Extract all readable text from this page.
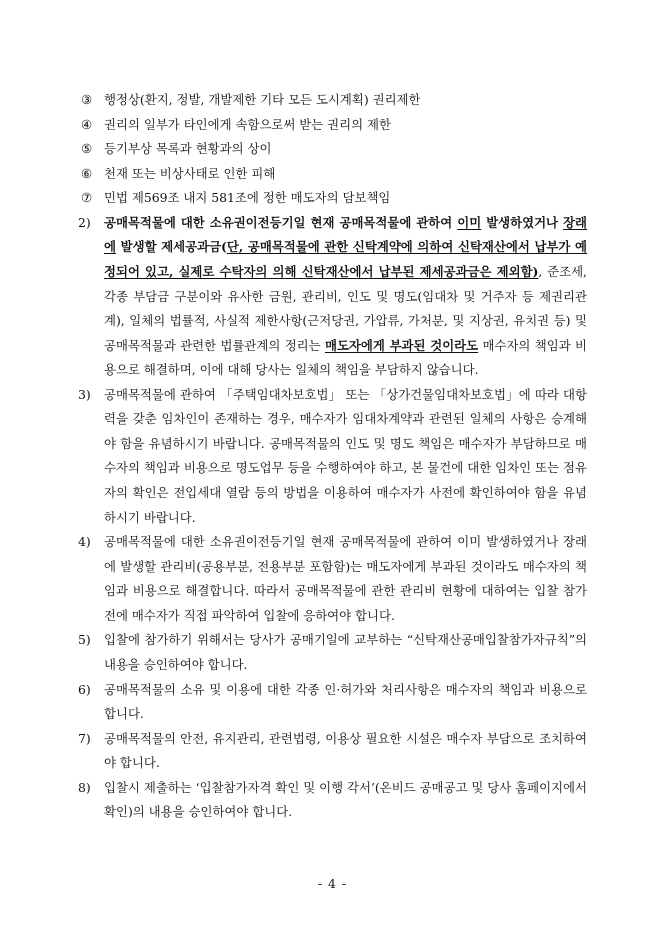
③ 행정상(환지, 정발, 개발제한 기타 모든 도시계획) 권리제한
④ 권리의 일부가 타인에게 속함으로써 받는 권리의 제한
⑤ 등기부상 목록과 현황과의 상이
⑥ 천재 또는 비상사태로 인한 피해
⑦ 민법 제569조 내지 581조에 정한 매도자의 담보책임
2)	공매목적물에 대한 소유권이전등기일 현재 공매목적물에 관하여 이미 발생하였거나 장래에 발생할 제세공과금(단, 공매목적물에 관한 신탁계약에 의하여 신탁재산에서 납부가 예정되어 있고, 실제로 수탁자의 의해 신탁재산에서 납부된 제세공과금은 제외함), 준조세, 각종 부담금 구분이와 유사한 금원, 관리비, 인도 및 명도(임대차 및 거주자 등 제권리관계), 일체의 법률적, 사실적 제한사항(근저당권, 가압류, 가처분, 및 지상권, 유치권 등) 및 공매목적물과 관련한 법률관계의 정리는 매도자에게 부과된 것이라도 매수자의 책임과 비용으로 해결하며, 이에 대해 당사는 일체의 책임을 부담하지 않습니다.
3)	공매목적물에 관하여 「주택임대차보호법」 또는 「상가건물임대차보호법」에 따라 대항력을 갖춘 임차인이 존재하는 경우, 매수자가 임대차계약과 관련된 일체의 사항은 승계해야 함을 유념하시기 바랍니다. 공매목적물의 인도 및 명도 책임은 매수자가 부담하므로 매수자의 책임과 비용으로 명도업무 등을 수행하여야 하고, 본 물건에 대한 임차인 또는 점유자의 확인은 전입세대 열람 등의 방법을 이용하여 매수자가 사전에 확인하여야 함을 유념하시기 바랍니다.
4)	공매목적물에 대한 소유권이전등기일 현재 공매목적물에 관하여 이미 발생하였거나 장래에 발생할 관리비(공용부분, 전용부분 포함함)는 매도자에게 부과된 것이라도 매수자의 책임과 비용으로 해결합니다. 따라서 공매목적물에 관한 관리비 현황에 대하여는 입찰 참가 전에 매수자가 직접 파악하여 입찰에 응하여야 합니다.
5)	입찰에 참가하기 위해서는 당사가 공매기일에 교부하는 “신탁재산공매입찰참가자규칙”의 내용을 승인하여야 합니다.
6)	공매목적물의 소유 및 이용에 대한 각종 인·허가와 처리사항은 매수자의 책임과 비용으로 합니다.
7)	공매목적물의 안전, 유지관리, 관련법령, 이용상 필요한 시설은 매수자 부담으로 조치하여야 합니다.
8)	입찰시 제출하는 ‘입찰참가자격 확인 및 이행 각서’(온비드 공매공고 및 당사 홈페이지에서 확인)의 내용을 승인하여야 합니다.
- 4 -
